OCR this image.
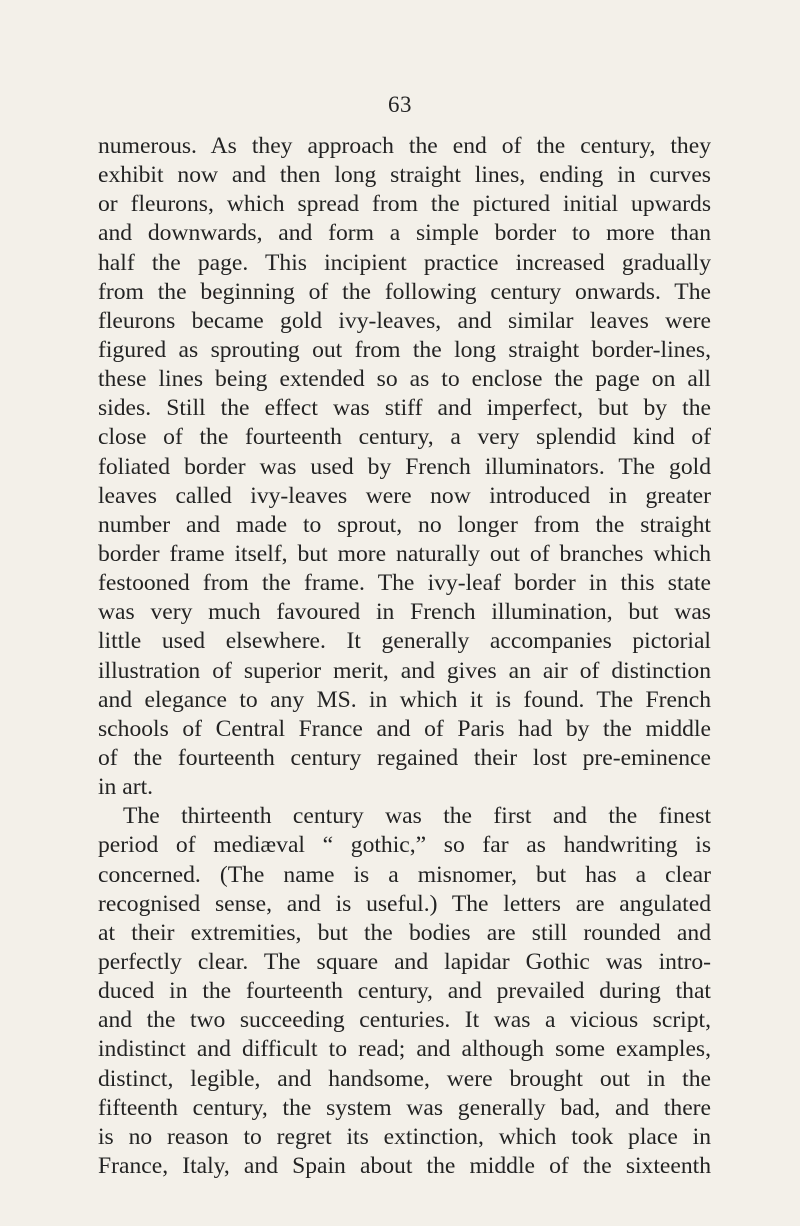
63
numerous. As they approach the end of the century, they
exhibit now and then long straight lines, ending in curves
or fleurons, which spread from the pictured initial upwards
and downwards, and form a simple border to more than
half the page. This incipient practice increased gradually
from the beginning of the following century onwards. The
fleurons became gold ivy-leaves, and similar leaves were
figured as sprouting out from the long straight border-lines,
these lines being extended so as to enclose the page on all
sides. Still the effect was stiff and imperfect, but by the
close of the fourteenth century, a very splendid kind of
foliated border was used by French illuminators. The gold
leaves called ivy-leaves were now introduced in greater
number and made to sprout, no longer from the straight
border frame itself, but more naturally out of branches which
festooned from the frame. The ivy-leaf border in this state
was very much favoured in French illumination, but was
little used elsewhere. It generally accompanies pictorial
illustration of superior merit, and gives an air of distinction
and elegance to any MS. in which it is found. The French
schools of Central France and of Paris had by the middle
of the fourteenth century regained their lost pre-eminence
in art.
The thirteenth century was the first and the finest
period of mediæval “ gothic,” so far as handwriting is
concerned. (The name is a misnomer, but has a clear
recognised sense, and is useful.) The letters are angulated
at their extremities, but the bodies are still rounded and
perfectly clear. The square and lapidar Gothic was intro-
duced in the fourteenth century, and prevailed during that
and the two succeeding centuries. It was a vicious script,
indistinct and difficult to read; and although some examples,
distinct, legible, and handsome, were brought out in the
fifteenth century, the system was generally bad, and there
is no reason to regret its extinction, which took place in
France, Italy, and Spain about the middle of the sixteenth
